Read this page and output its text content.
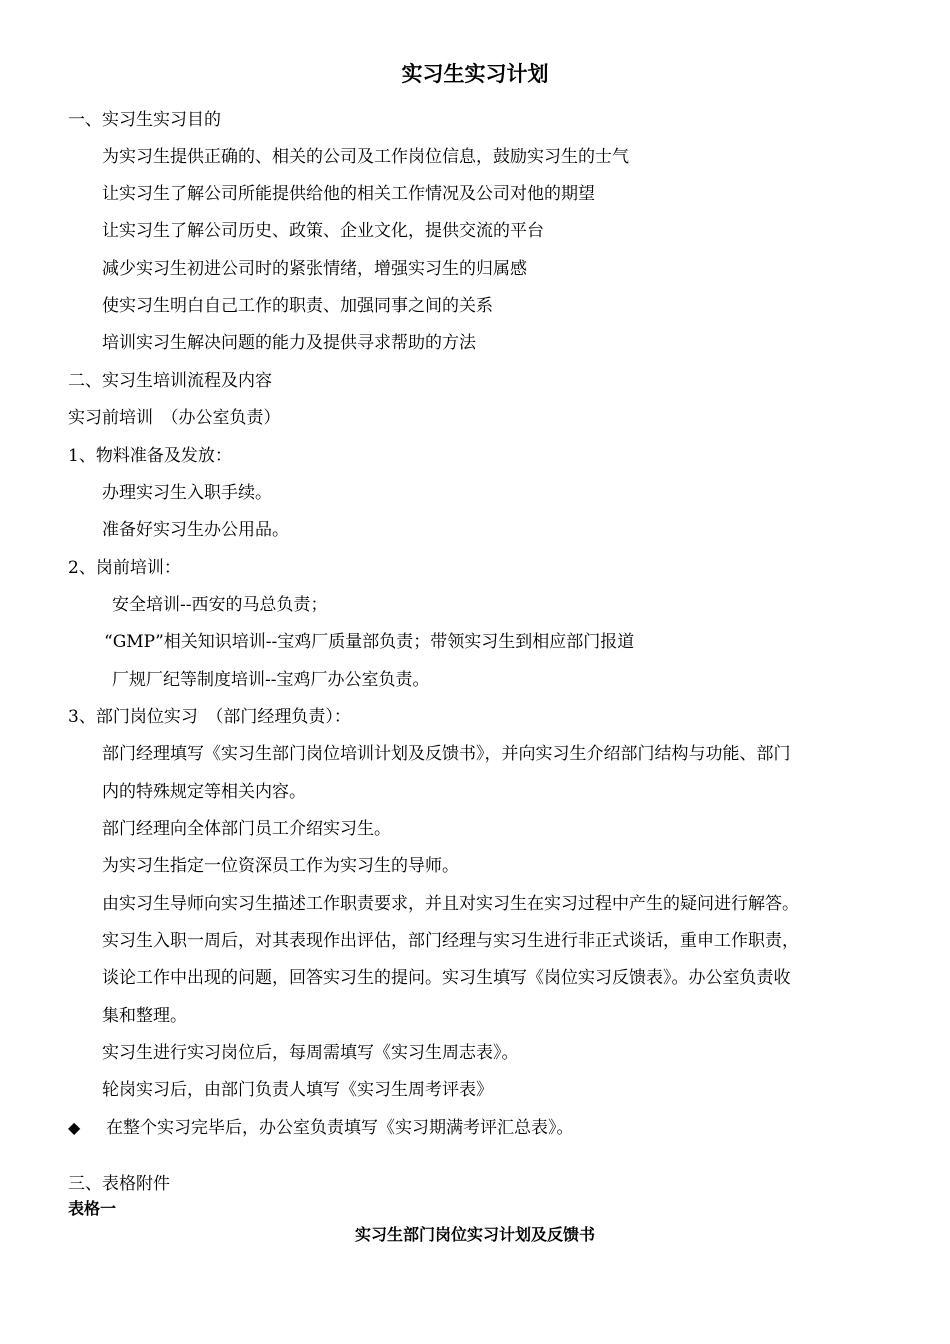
实习生实习计划
一、实习生实习目的
为实习生提供正确的、相关的公司及工作岗位信息，鼓励实习生的士气
让实习生了解公司所能提供给他的相关工作情况及公司对他的期望
让实习生了解公司历史、政策、企业文化，提供交流的平台
减少实习生初进公司时的紧张情绪，增强实习生的归属感
使实习生明白自己工作的职责、加强同事之间的关系
培训实习生解决问题的能力及提供寻求帮助的方法
二、实习生培训流程及内容
实习前培训　（办公室负责）
1、物料准备及发放：
办理实习生入职手续。
准备好实习生办公用品。
2、岗前培训：
安全培训--西安的马总负责；
“GMP”相关知识培训--宝鸡厂质量部负责；带领实习生到相应部门报道
厂规厂纪等制度培训--宝鸡厂办公室负责。
3、部门岗位实习　（部门经理负责）：
部门经理填写《实习生部门岗位培训计划及反馈书》，并向实习生介绍部门结构与功能、部门
内的特殊规定等相关内容。
部门经理向全体部门员工介绍实习生。
为实习生指定一位资深员工作为实习生的导师。
由实习生导师向实习生描述工作职责要求，并且对实习生在实习过程中产生的疑问进行解答。
实习生入职一周后，对其表现作出评估，部门经理与实习生进行非正式谈话，重申工作职责，
谈论工作中出现的问题，回答实习生的提问。实习生填写《岗位实习反馈表》。办公室负责收
集和整理。
实习生进行实习岗位后，每周需填写《实习生周志表》。
轮岗实习后，由部门负责人填写《实习生周考评表》
◆ 在整个实习完毕后，办公室负责填写《实习期满考评汇总表》。
三、表格附件
表格一
实习生部门岗位实习计划及反馈书
